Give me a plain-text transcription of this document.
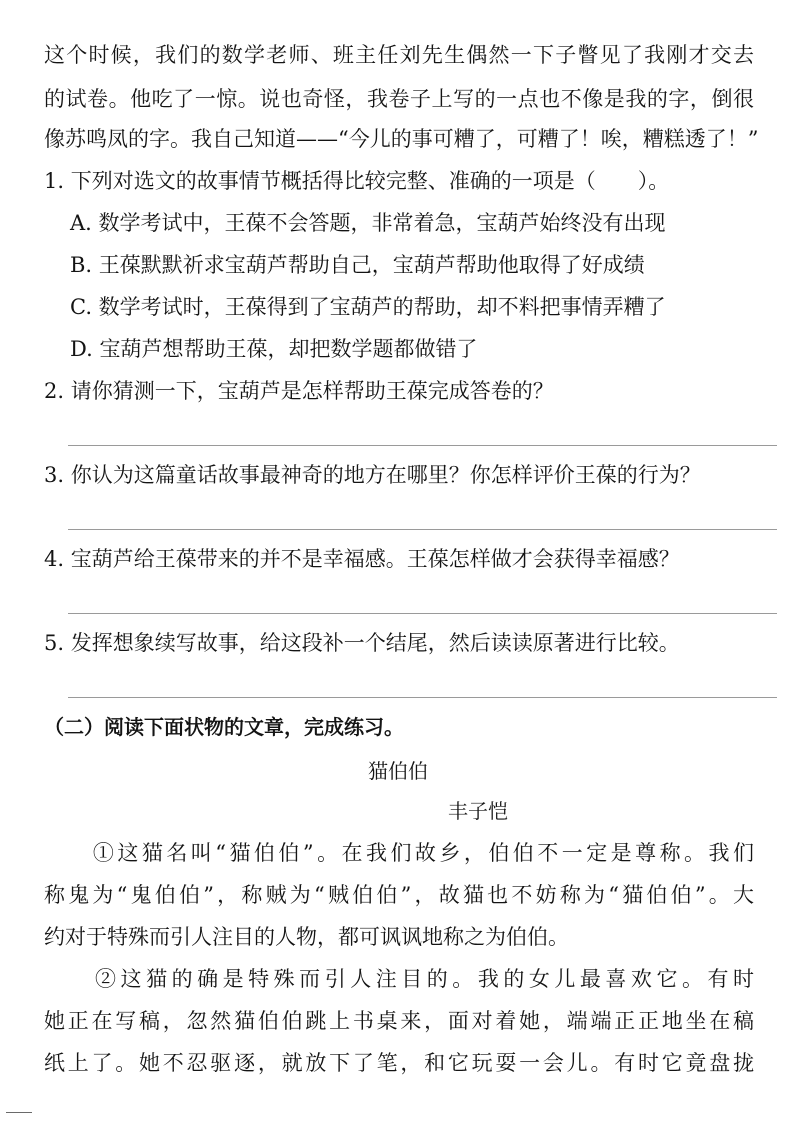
这个时候，我们的数学老师、班主任刘先生偶然一下子瞥见了我刚才交去
的试卷。他吃了一惊。说也奇怪，我卷子上写的一点也不像是我的字，倒很
像苏鸣凤的字。我自己知道——“今儿的事可糟了，可糟了！唉，糟糕透了！”
1. 下列对选文的故事情节概括得比较完整、准确的一项是（　　）。
A. 数学考试中，王葆不会答题，非常着急，宝葫芦始终没有出现
B. 王葆默默祈求宝葫芦帮助自己，宝葫芦帮助他取得了好成绩
C. 数学考试时，王葆得到了宝葫芦的帮助，却不料把事情弄糟了
D. 宝葫芦想帮助王葆，却把数学题都做错了
2. 请你猜测一下，宝葫芦是怎样帮助王葆完成答卷的？
3. 你认为这篇童话故事最神奇的地方在哪里？你怎样评价王葆的行为？
4. 宝葫芦给王葆带来的并不是幸福感。王葆怎样做才会获得幸福感？
5. 发挥想象续写故事，给这段补一个结尾，然后读读原著进行比较。
（二）阅读下面状物的文章，完成练习。
猫伯伯
丰子恺
　　①这猫名叫“猫伯伯”。在我们故乡，伯伯不一定是尊称。我们
称鬼为“鬼伯伯”，称贼为“贼伯伯”，故猫也不妨称为“猫伯伯”。大
约对于特殊而引人注目的人物，都可讽讽地称之为伯伯。
　　②这猫的确是特殊而引人注目的。我的女儿最喜欢它。有时
她正在写稿，忽然猫伯伯跳上书桌来，面对着她，端端正正地坐在稿
纸上了。她不忍驱逐，就放下了笔，和它玩耍一会儿。有时它竟盘拢
